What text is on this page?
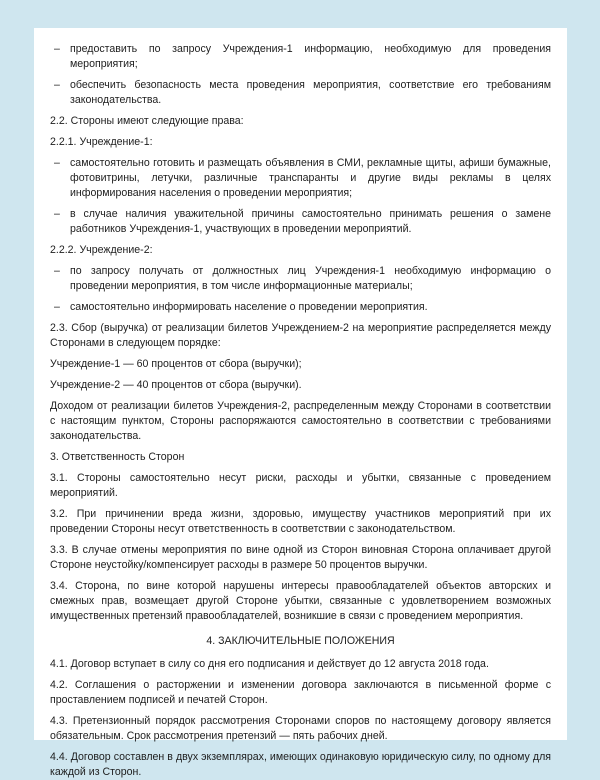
– предоставить по запросу Учреждения-1 информацию, необходимую для проведения мероприятия;
– обеспечить безопасность места проведения мероприятия, соответствие его требованиям законодательства.

2.2. Стороны имеют следующие права:

2.2.1. Учреждение-1:

– самостоятельно готовить и размещать объявления в СМИ, рекламные щиты, афиши бумажные, фотовитрины, летучки, различные транспаранты и другие виды рекламы в целях информирования населения о проведении мероприятия;
– в случае наличия уважительной причины самостоятельно принимать решения о замене работников Учреждения-1, участвующих в проведении мероприятий.

2.2.2. Учреждение-2:

– по запросу получать от должностных лиц Учреждения-1 необходимую информацию о проведении мероприятия, в том числе информационные материалы;
– самостоятельно информировать население о проведении мероприятия.

2.3. Сбор (выручка) от реализации билетов Учреждением-2 на мероприятие распределяется между Сторонами в следующем порядке:

Учреждение-1 — 60 процентов от сбора (выручки);

Учреждение-2 — 40 процентов от сбора (выручки).

Доходом от реализации билетов Учреждения-2, распределенным между Сторонами в соответствии с настоящим пунктом, Стороны распоряжаются самостоятельно в соответствии с требованиями законодательства.

3. Ответственность Сторон

3.1. Стороны самостоятельно несут риски, расходы и убытки, связанные с проведением мероприятий.

3.2. При причинении вреда жизни, здоровью, имуществу участников мероприятий при их проведении Стороны несут ответственность в соответствии с законодательством.

3.3. В случае отмены мероприятия по вине одной из Сторон виновная Сторона оплачивает другой Стороне неустойку/компенсирует расходы в размере 50 процентов выручки.

3.4. Сторона, по вине которой нарушены интересы правообладателей объектов авторских и смежных прав, возмещает другой Стороне убытки, связанные с удовлетворением возможных имущественных претензий правообладателей, возникшие в связи с проведением мероприятия.

4. ЗАКЛЮЧИТЕЛЬНЫЕ ПОЛОЖЕНИЯ

4.1. Договор вступает в силу со дня его подписания и действует до 12 августа 2018 года.

4.2. Соглашения о расторжении и изменении договора заключаются в письменной форме с проставлением подписей и печатей Сторон.

4.3. Претензионный порядок рассмотрения Сторонами споров по настоящему договору является обязательным. Срок рассмотрения претензий — пять рабочих дней.

4.4. Договор составлен в двух экземплярах, имеющих одинаковую юридическую силу, по одному для каждой из Сторон.
